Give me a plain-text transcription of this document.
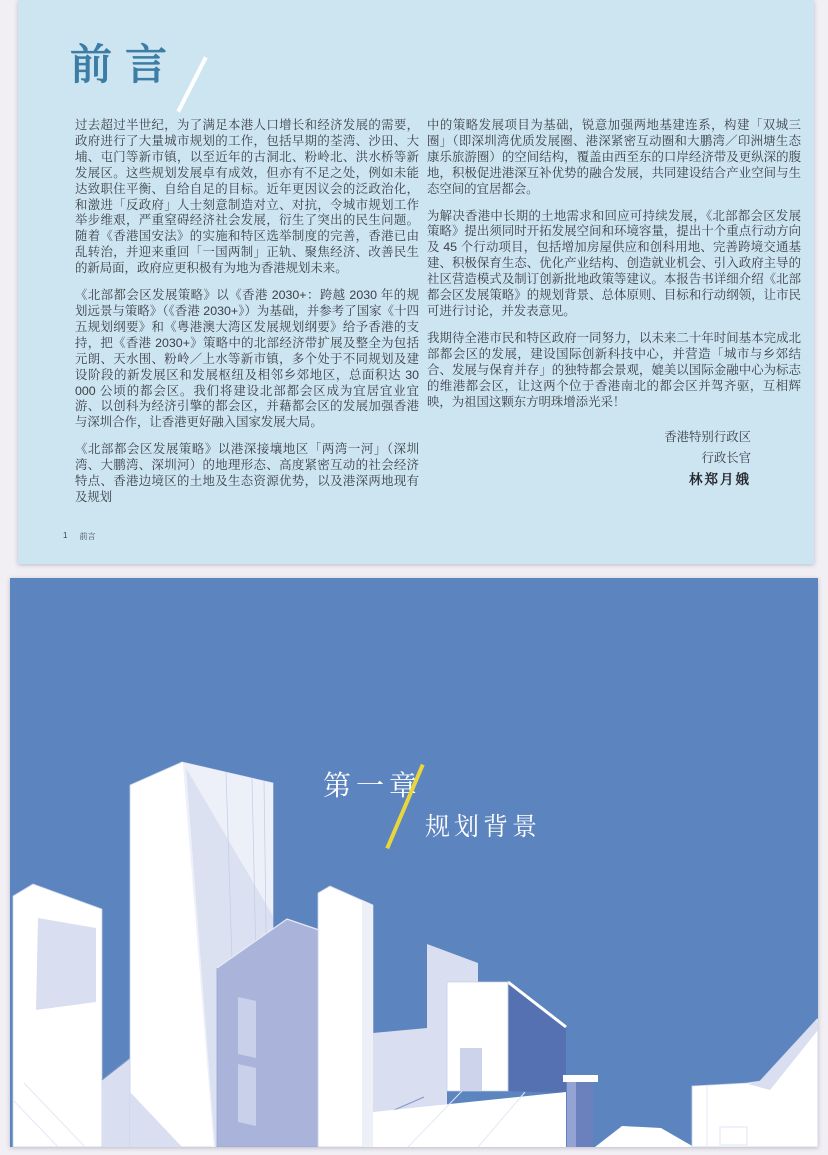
前言

过去超过半世纪，为了满足本港人口增长和经济发展的需要，政府进行了大量城市规划的工作，包括早期的荃湾、沙田、大埔、屯门等新市镇，以至近年的古洞北、粉岭北、洪水桥等新发展区。这些规划发展卓有成效，但亦有不足之处，例如未能达致职住平衡、自给自足的目标。近年更因议会的泛政治化，和激进「反政府」人士刻意制造对立、对抗，令城市规划工作举步维艰，严重窒碍经济社会发展，衍生了突出的民生问题。随着《香港国安法》的实施和特区选举制度的完善，香港已由乱转治，并迎来重回「一国两制」正轨、聚焦经济、改善民生的新局面，政府应更积极有为地为香港规划未来。

《北部都会区发展策略》以《香港 2030+：跨越 2030 年的规划远景与策略》（《香港 2030+》）为基础，并参考了国家《十四五规划纲要》和《粤港澳大湾区发展规划纲要》给予香港的支持，把《香港 2030+》策略中的北部经济带扩展及整全为包括元朗、天水围、粉岭／上水等新市镇，多个处于不同规划及建设阶段的新发展区和发展枢纽及相邻乡郊地区，总面积达 30 000 公顷的都会区。我们将建设北部都会区成为宜居宜业宜游、以创科为经济引擎的都会区，并藉都会区的发展加强香港与深圳合作，让香港更好融入国家发展大局。

《北部都会区发展策略》以港深接壤地区「两湾一河」（深圳湾、大鹏湾、深圳河）的地理形态、高度紧密互动的社会经济特点、香港边境区的土地及生态资源优势，以及港深两地现有及规划

中的策略发展项目为基础，锐意加强两地基建连系，构建「双城三圈」（即深圳湾优质发展圈、港深紧密互动圈和大鹏湾／印洲塘生态康乐旅游圈）的空间结构，覆盖由西至东的口岸经济带及更纵深的腹地，积极促进港深互补优势的融合发展，共同建设结合产业空间与生态空间的宜居都会。

为解决香港中长期的土地需求和回应可持续发展，《北部都会区发展策略》提出须同时开拓发展空间和环境容量，提出十个重点行动方向及 45 个行动项目，包括增加房屋供应和创科用地、完善跨境交通基建、积极保育生态、优化产业结构、创造就业机会、引入政府主导的社区营造模式及制订创新批地政策等建议。本报告书详细介绍《北部都会区发展策略》的规划背景、总体原则、目标和行动纲领，让市民可进行讨论，并发表意见。

我期待全港市民和特区政府一同努力，以未来二十年时间基本完成北部都会区的发展，建设国际创新科技中心，并营造「城市与乡郊结合、发展与保育并存」的独特都会景观，媲美以国际金融中心为标志的维港都会区，让这两个位于香港南北的都会区并驾齐驱，互相辉映，为祖国这颗东方明珠增添光采！

香港特别行政区
行政长官
林郑月娥
1 前言
第一章
规划背景
